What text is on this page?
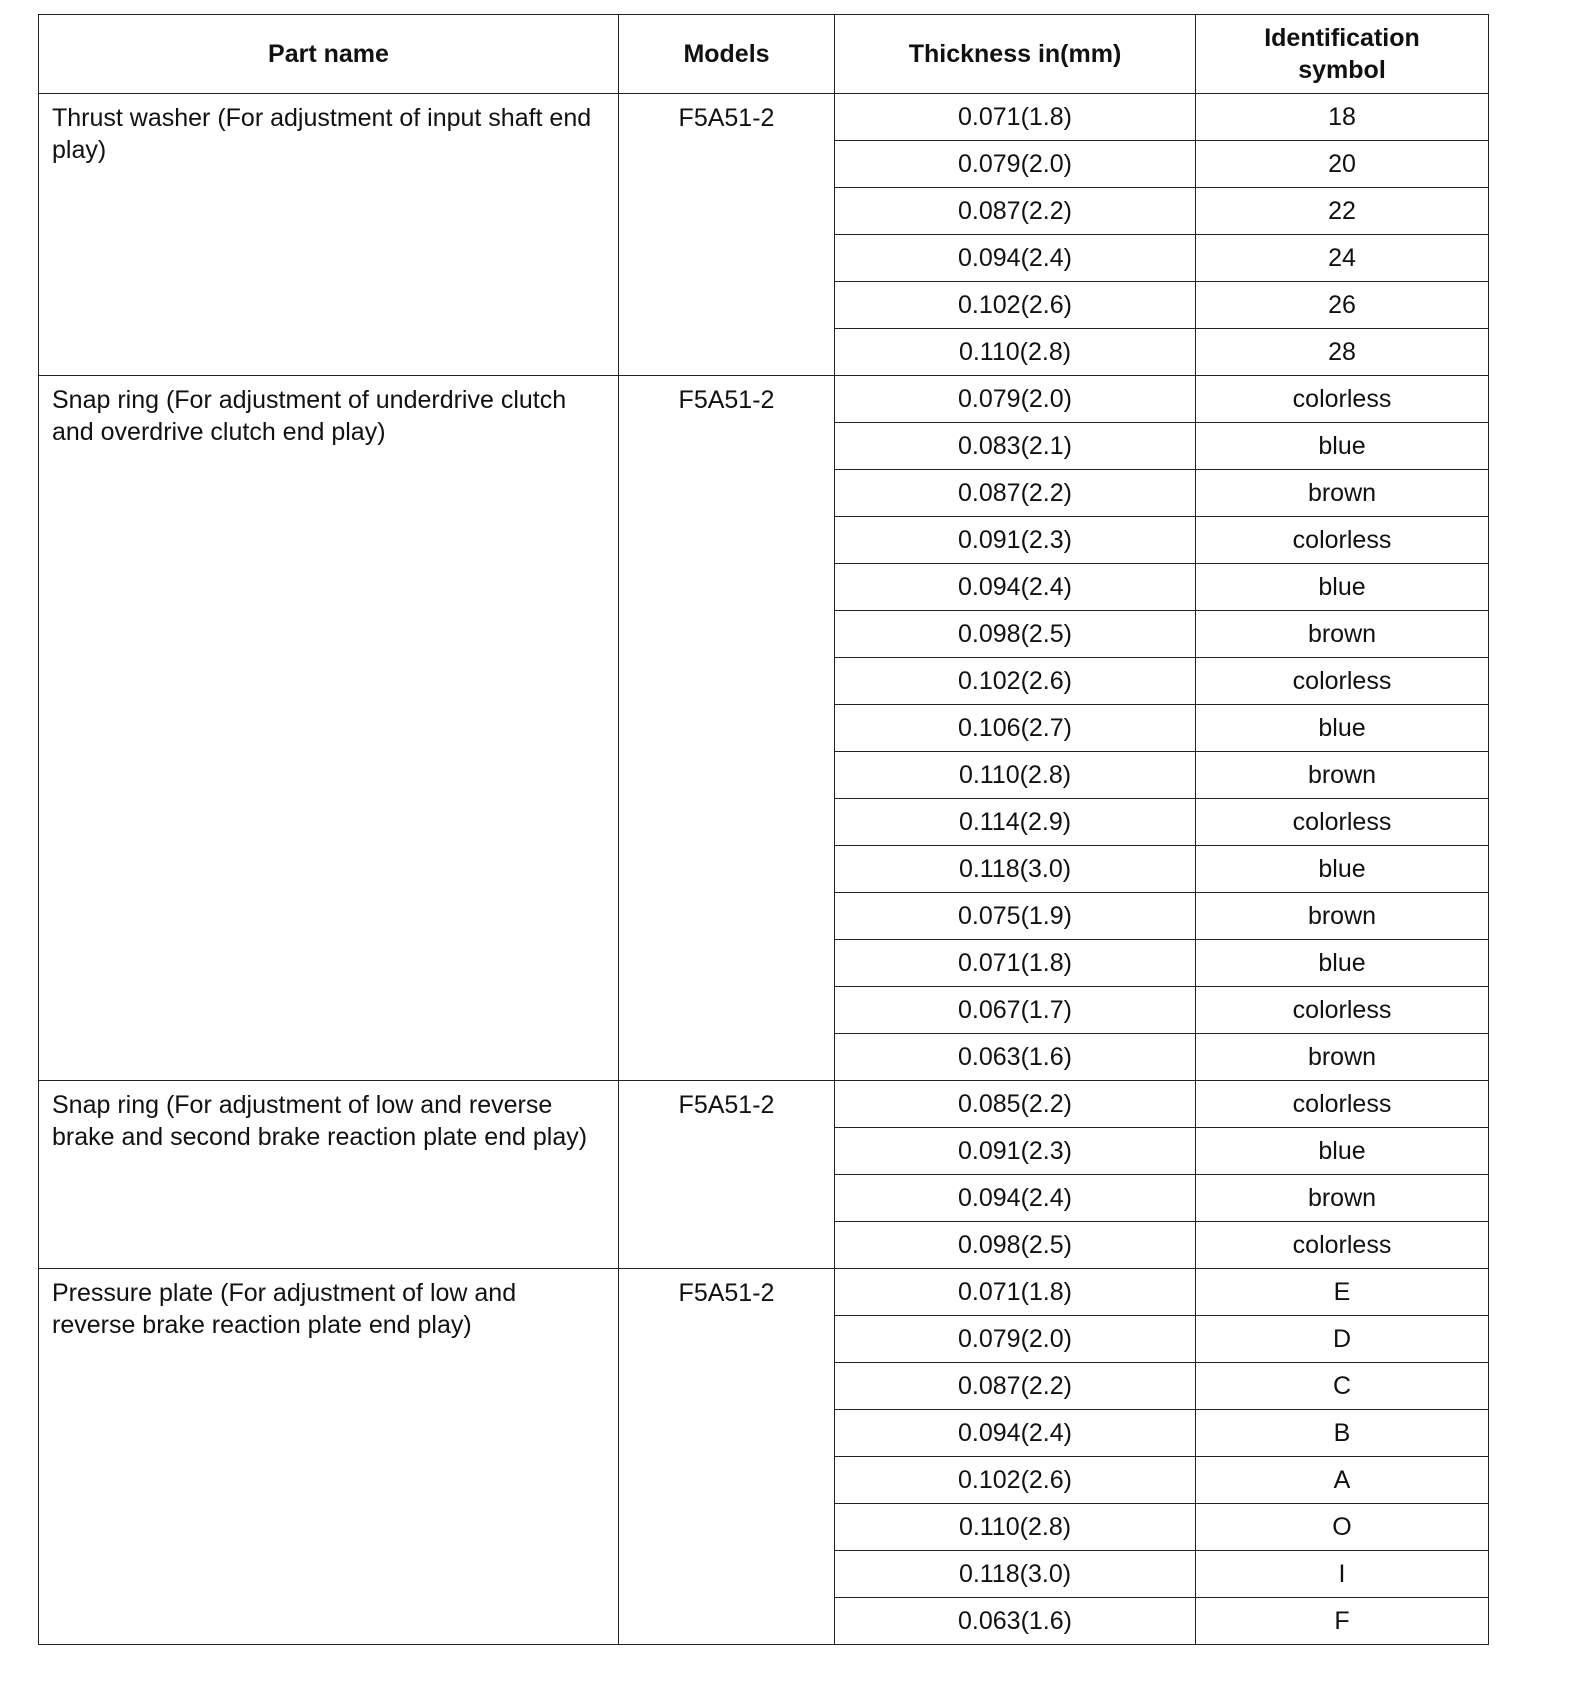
Part name	Models	Thickness in(mm)	Identification symbol
Thrust washer (For adjustment of input shaft end play)	F5A51-2	0.071(1.8)	18
		0.079(2.0)	20
		0.087(2.2)	22
		0.094(2.4)	24
		0.102(2.6)	26
		0.110(2.8)	28
Snap ring (For adjustment of underdrive clutch and overdrive clutch end play)	F5A51-2	0.079(2.0)	colorless
		0.083(2.1)	blue
		0.087(2.2)	brown
		0.091(2.3)	colorless
		0.094(2.4)	blue
		0.098(2.5)	brown
		0.102(2.6)	colorless
		0.106(2.7)	blue
		0.110(2.8)	brown
		0.114(2.9)	colorless
		0.118(3.0)	blue
		0.075(1.9)	brown
		0.071(1.8)	blue
		0.067(1.7)	colorless
		0.063(1.6)	brown
Snap ring (For adjustment of low and reverse brake and second brake reaction plate end play)	F5A51-2	0.085(2.2)	colorless
		0.091(2.3)	blue
		0.094(2.4)	brown
		0.098(2.5)	colorless
Pressure plate (For adjustment of low and reverse brake reaction plate end play)	F5A51-2	0.071(1.8)	E
		0.079(2.0)	D
		0.087(2.2)	C
		0.094(2.4)	B
		0.102(2.6)	A
		0.110(2.8)	O
		0.118(3.0)	I
		0.063(1.6)	F
